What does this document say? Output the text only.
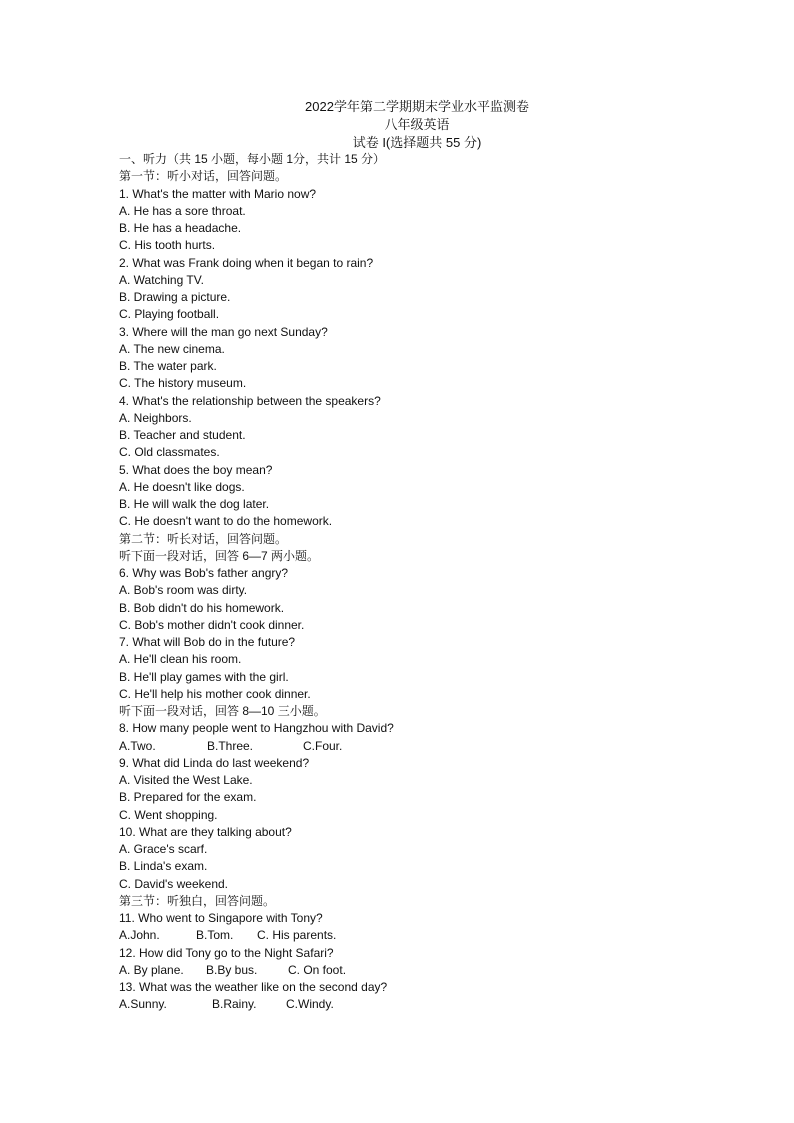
2022学年第二学期期末学业水平监测卷
八年级英语
试卷 I(选择题共 55 分)
一、听力（共 15 小题，每小题 1分，共计 15 分）
第一节：听小对话，回答问题。
1. What's the matter with Mario now?
A. He has a sore throat.
B. He has a headache.
C. His tooth hurts.
2. What was Frank doing when it began to rain?
A. Watching TV.
B. Drawing a picture.
C. Playing football.
3. Where will the man go next Sunday?
A. The new cinema.
B. The water park.
C. The history museum.
4. What's the relationship between the speakers?
A. Neighbors.
B. Teacher and student.
C. Old classmates.
5. What does the boy mean?
A. He doesn't like dogs.
B. He will walk the dog later.
C. He doesn't want to do the homework.
第二节：听长对话，回答问题。
听下面一段对话，回答 6—7 两小题。
6. Why was Bob's father angry?
A. Bob's room was dirty.
B. Bob didn't do his homework.
C. Bob's mother didn't cook dinner.
7. What will Bob do in the future?
A. He'll clean his room.
B. He'll play games with the girl.
C. He'll help his mother cook dinner.
听下面一段对话，回答 8—10 三小题。
8. How many people went to Hangzhou with David?
A.Two.	B.Three.	C.Four.
9. What did Linda do last weekend?
A. Visited the West Lake.
B. Prepared for the exam.
C. Went shopping.
10. What are they talking about?
A. Grace's scarf.
B. Linda's exam.
C. David's weekend.
第三节：听独白，回答问题。
11. Who went to Singapore with Tony?
A.John.	B.Tom.	C. His parents.
12. How did Tony go to the Night Safari?
A. By plane.	B.By bus.	C. On foot.
13. What was the weather like on the second day?
A.Sunny.	B.Rainy.	C.Windy.
